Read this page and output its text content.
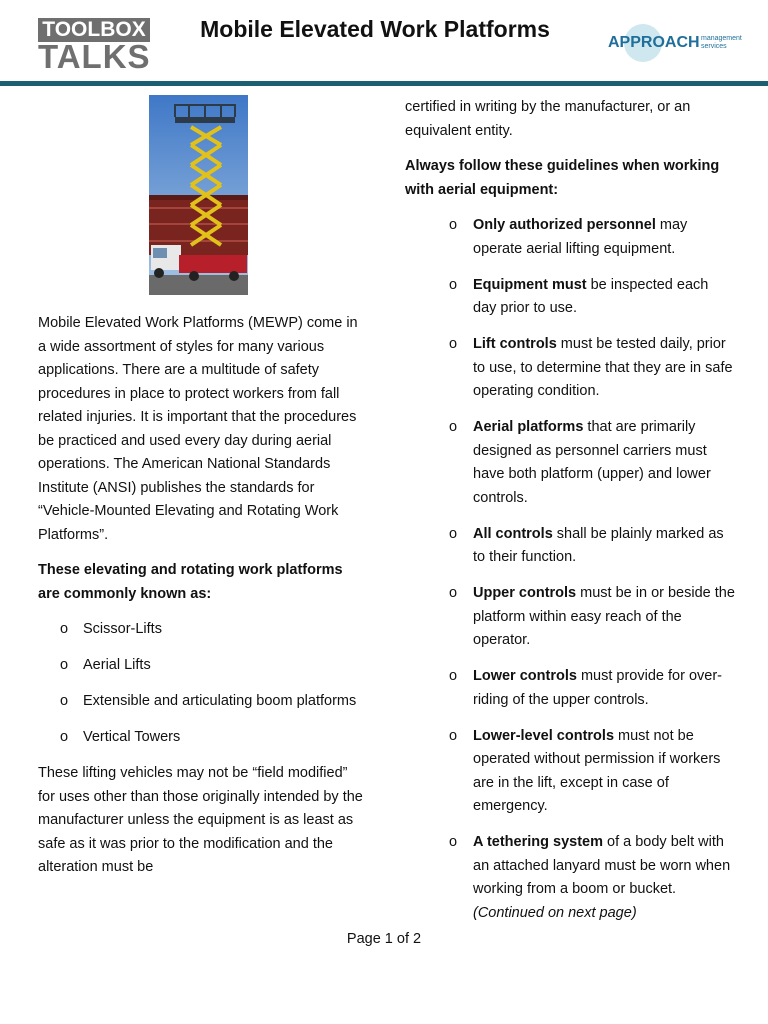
TOOLBOX
TALKS
Mobile Elevated Work Platforms
APPROACH management services

Mobile Elevated Work Platforms (MEWP) come in a wide assortment of styles for many various applications. There are a multitude of safety procedures in place to protect workers from fall related injuries. It is important that the procedures be practiced and used every day during aerial operations. The American National Standards Institute (ANSI) publishes the standards for “Vehicle-Mounted Elevating and Rotating Work Platforms”.

These elevating and rotating work platforms are commonly known as:

o Scissor-Lifts
o Aerial Lifts
o Extensible and articulating boom platforms
o Vertical Towers

These lifting vehicles may not be “field modified” for uses other than those originally intended by the manufacturer unless the equipment is as least as safe as it was prior to the modification and the alteration must be

certified in writing by the manufacturer, or an equivalent entity.

Always follow these guidelines when working with aerial equipment:

o Only authorized personnel may operate aerial lifting equipment.
o Equipment must be inspected each day prior to use.
o Lift controls must be tested daily, prior to use, to determine that they are in safe operating condition.
o Aerial platforms that are primarily designed as personnel carriers must have both platform (upper) and lower controls.
o All controls shall be plainly marked as to their function.
o Upper controls must be in or beside the platform within easy reach of the operator.
o Lower controls must provide for over-riding of the upper controls.
o Lower-level controls must not be operated without permission if workers are in the lift, except in case of emergency.
o A tethering system of a body belt with an attached lanyard must be worn when working from a boom or bucket. (Continued on next page)
Page 1 of 2
